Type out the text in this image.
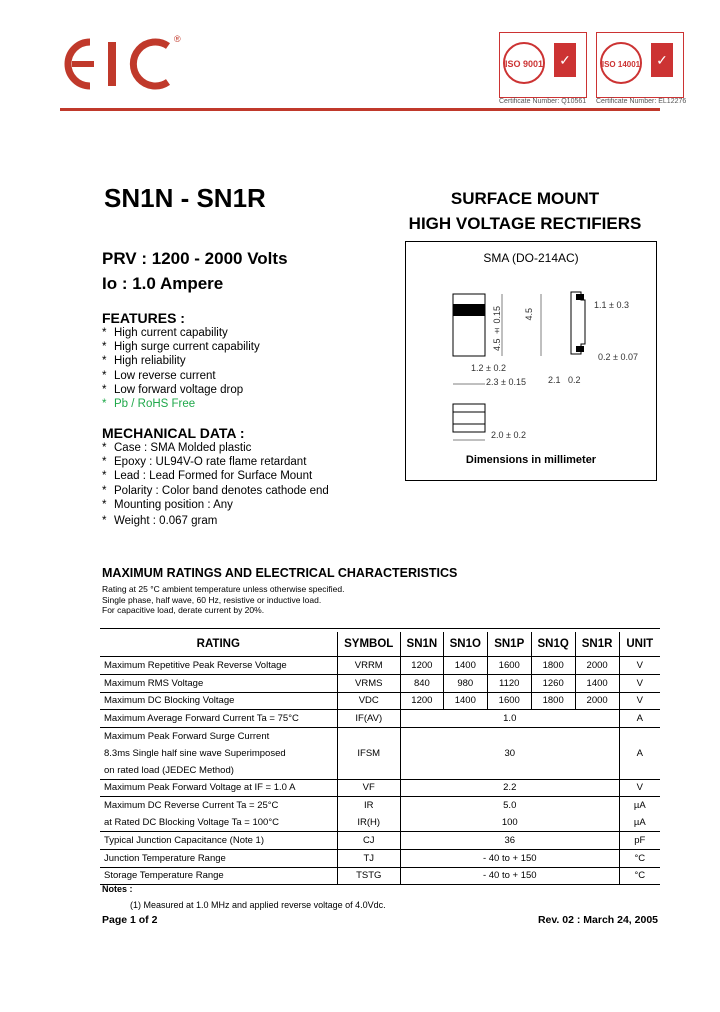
®
ISO 9001 ✓	ISO 14001 ✓
Certificate Number: Q10561 Certificate Number: EL12276
SN1N - SN1R	SURFACE MOUNT
HIGH VOLTAGE RECTIFIERS
PRV : 1200 - 2000 Volts
Io : 1.0 Ampere
FEATURES :
* High current capability
* High surge current capability
* High reliability
* Low reverse current
* Low forward voltage drop
* Pb / RoHS Free
MECHANICAL DATA :
* Case : SMA Molded plastic
* Epoxy : UL94V-O rate flame retardant
* Lead : Lead Formed for Surface Mount
* Polarity : Color band denotes cathode end
* Mounting position : Any
* Weight : 0.067 gram
SMA (DO-214AC)
1.1 ± 0.3
4.5 ± 0.15 4.5
1.2 ± 0.2
2.3 ± 0.15 2.1 0.2
0.2 ± 0.07
2.0 ± 0.2
Dimensions in millimeter
MAXIMUM RATINGS AND ELECTRICAL CHARACTERISTICS
Rating at 25 °C ambient temperature unless otherwise specified.
Single phase, half wave, 60 Hz, resistive or inductive load.
For capacitive load, derate current by 20%.
RATING	SYMBOL	SN1N	SN1O	SN1P	SN1Q	SN1R	UNIT
Maximum Repetitive Peak Reverse Voltage	VRRM	1200	1400	1600	1800	2000	V
Maximum RMS Voltage	VRMS	840	980	1120	1260	1400	V
Maximum DC Blocking Voltage	VDC	1200	1400	1600	1800	2000	V
Maximum Average Forward Current Ta = 75°C	IF(AV)	1.0					A
Maximum Peak Forward Surge Current							
8.3ms Single half sine wave Superimposed	IFSM	30					A
on rated load (JEDEC Method)							
Maximum Peak Forward Voltage at IF = 1.0 A	VF	2.2					V
Maximum DC Reverse Current Ta = 25°C	IR	5.0					µA
at Rated DC Blocking Voltage Ta = 100°C	IR(H)	100					µA
Typical Junction Capacitance (Note 1)	CJ	36					pF
Junction Temperature Range	TJ	- 40 to + 150					°C
Storage Temperature Range	TSTG	- 40 to + 150					°C
Notes :
(1) Measured at 1.0 MHz and applied reverse voltage of 4.0Vdc.
Page 1 of 2	Rev. 02 : March 24, 2005
